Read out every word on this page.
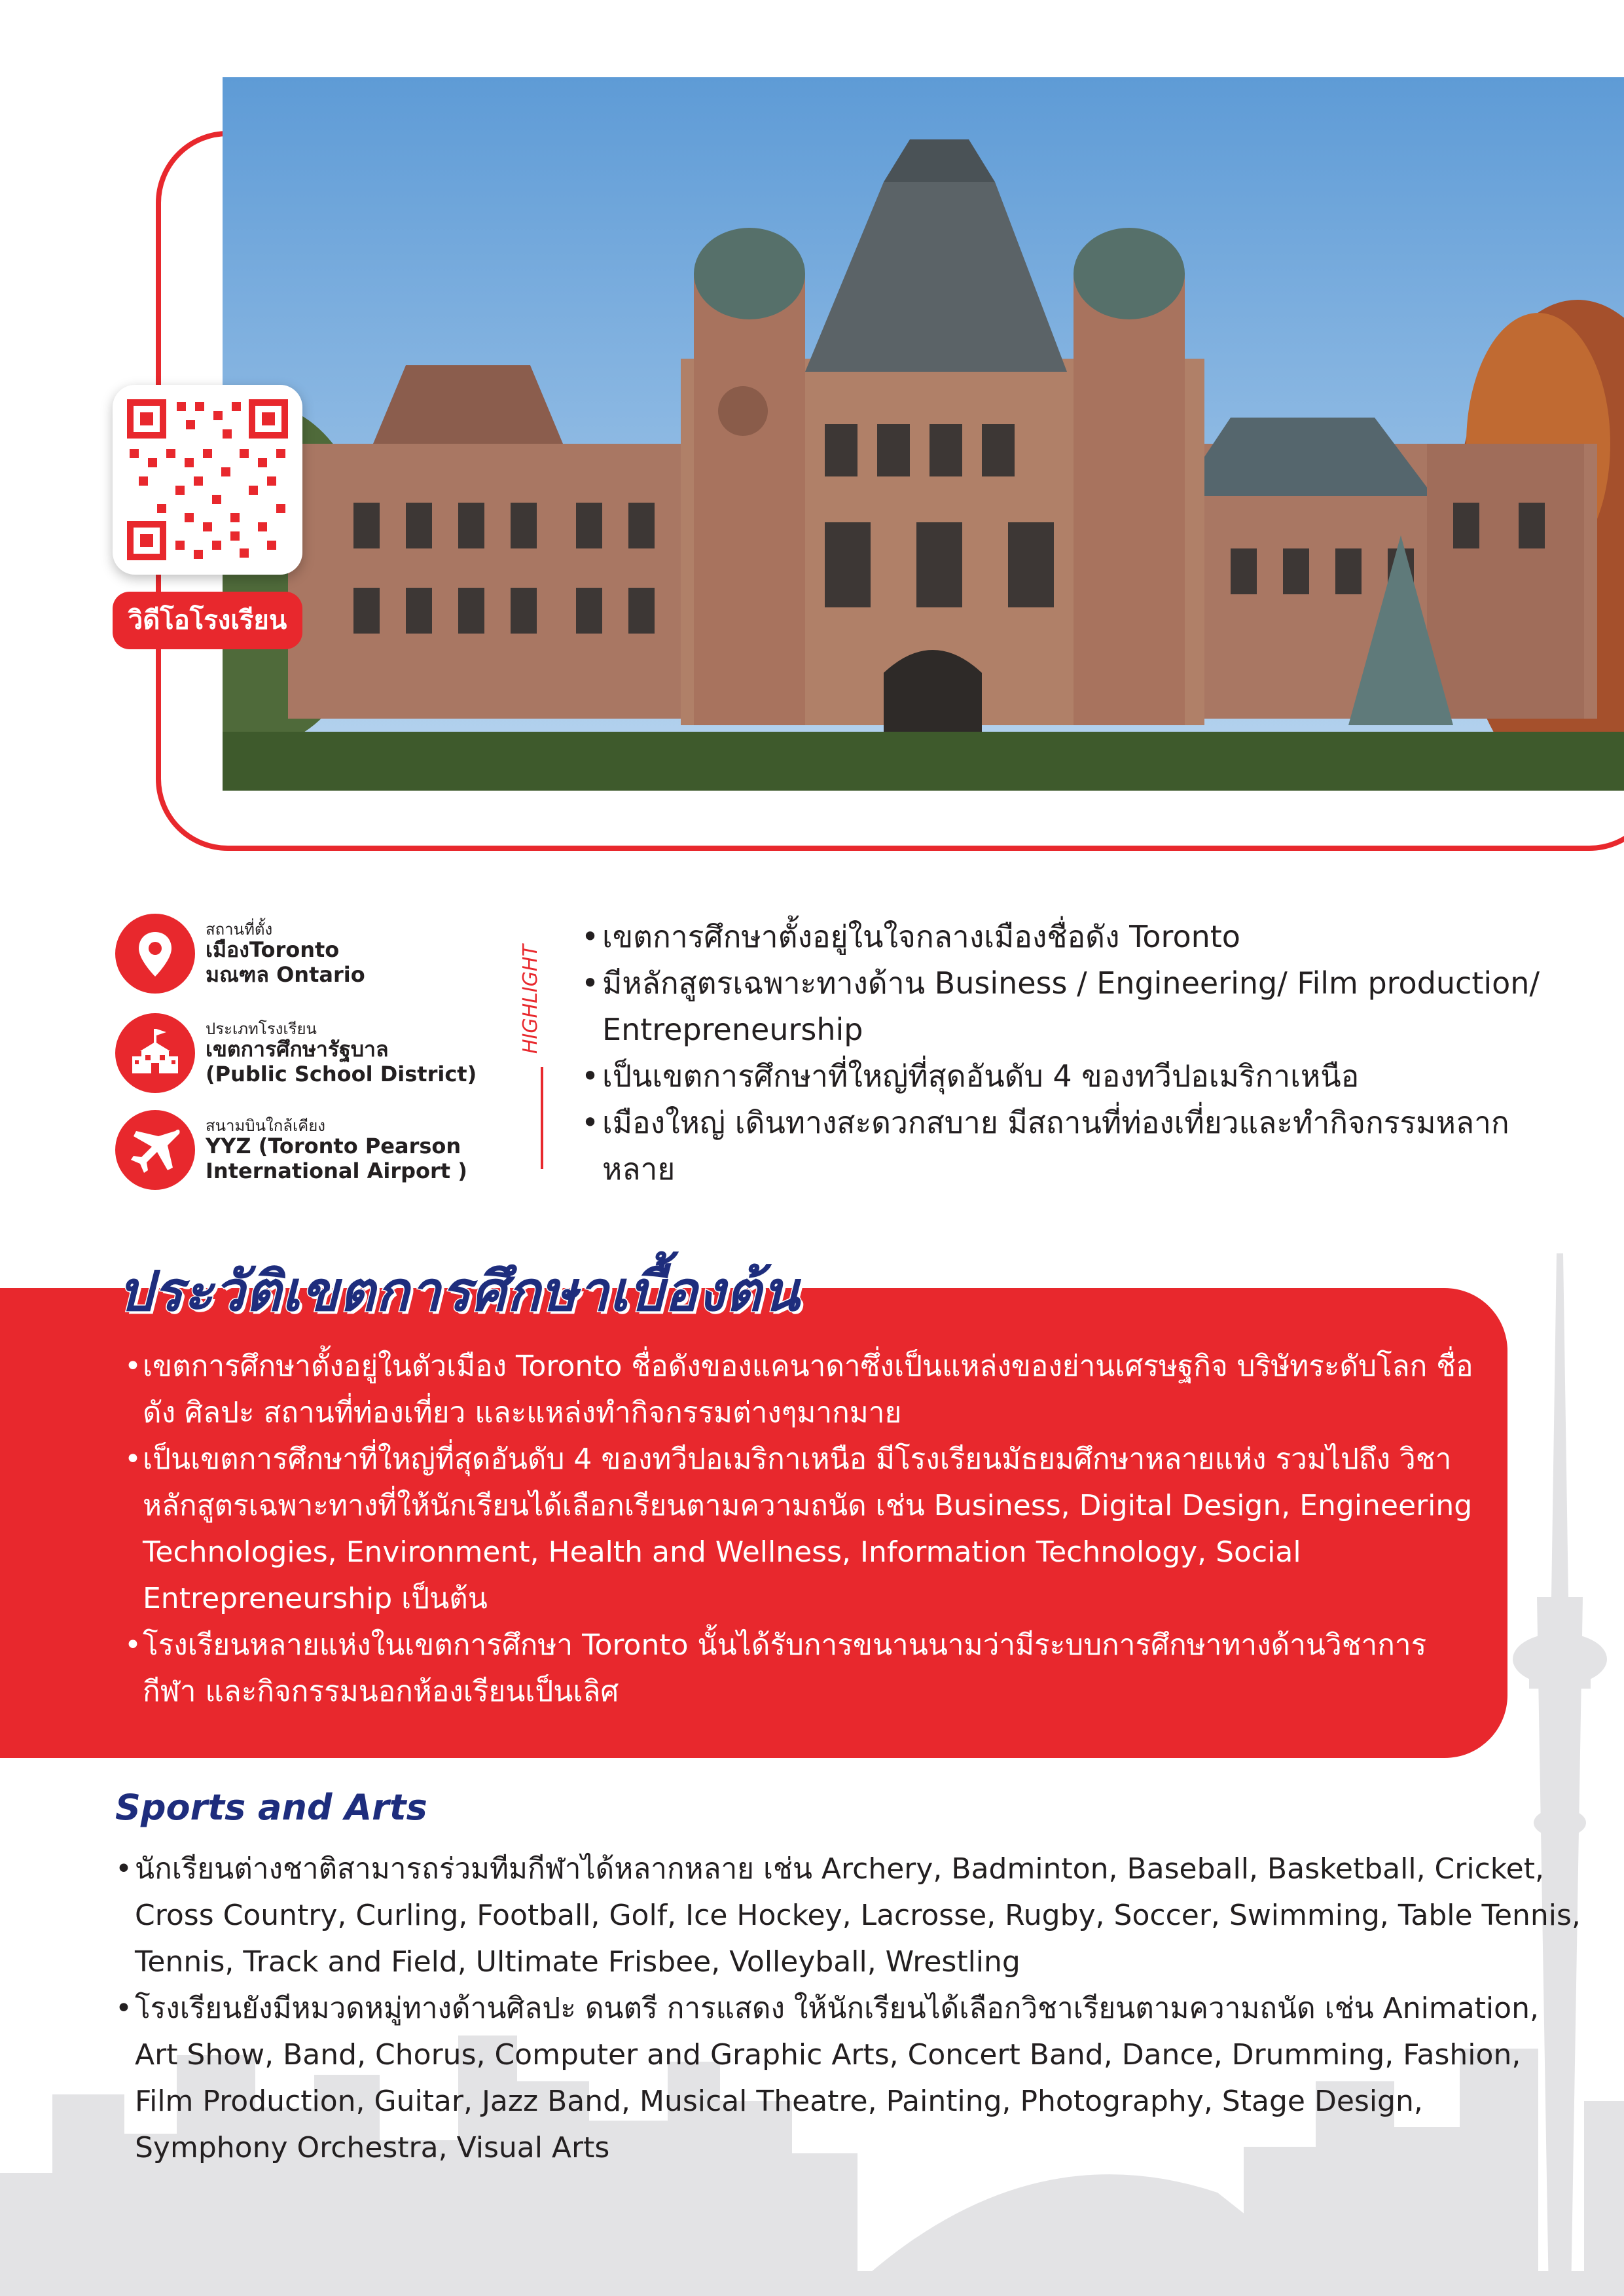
วิดีโอโรงเรียน
สถานที่ตั้ง
เมืองToronto
มณฑล Ontario
ประเภทโรงเรียน
เขตการศึกษารัฐบาล
(Public School District)
สนามบินใกล้เคียง
YYZ (Toronto Pearson
International Airport )
HIGHLIGHT
• เขตการศึกษาตั้งอยู่ในใจกลางเมืองชื่อดัง Toronto
• มีหลักสูตรเฉพาะทางด้าน Business / Engineering/ Film production/ Entrepreneurship
• เป็นเขตการศึกษาที่ใหญ่ที่สุดอันดับ 4 ของทวีปอเมริกาเหนือ
• เมืองใหญ่ เดินทางสะดวกสบาย มีสถานที่ท่องเที่ยวและทำกิจกรรมหลากหลาย
ประวัติเขตการศึกษาเบื้องต้น
• เขตการศึกษาตั้งอยู่ในตัวเมือง Toronto ชื่อดังของแคนาดาซึ่งเป็นแหล่งของย่านเศรษฐกิจ บริษัทระดับโลก ชื่อดัง ศิลปะ สถานที่ท่องเที่ยว และแหล่งทำกิจกรรมต่างๆมากมาย
• เป็นเขตการศึกษาที่ใหญ่ที่สุดอันดับ 4 ของทวีปอเมริกาเหนือ มีโรงเรียนมัธยมศึกษาหลายแห่ง รวมไปถึง วิชาหลักสูตรเฉพาะทางที่ให้นักเรียนได้เลือกเรียนตามความถนัด เช่น Business, Digital Design, Engineering Technologies, Environment, Health and Wellness, Information Technology, Social Entrepreneurship เป็นต้น
• โรงเรียนหลายแห่งในเขตการศึกษา Toronto นั้นได้รับการขนานนามว่ามีระบบการศึกษาทางด้านวิชาการ กีฬา และกิจกรรมนอกห้องเรียนเป็นเลิศ
Sports and Arts
• นักเรียนต่างชาติสามารถร่วมทีมกีฬาได้หลากหลาย เช่น Archery, Badminton, Baseball, Basketball, Cricket, Cross Country, Curling, Football, Golf, Ice Hockey, Lacrosse, Rugby, Soccer, Swimming, Table Tennis, Tennis, Track and Field, Ultimate Frisbee, Volleyball, Wrestling
• โรงเรียนยังมีหมวดหมู่ทางด้านศิลปะ ดนตรี การแสดง ให้นักเรียนได้เลือกวิชาเรียนตามความถนัด เช่น Animation, Art Show, Band, Chorus, Computer and Graphic Arts, Concert Band, Dance, Drumming, Fashion, Film Production, Guitar, Jazz Band, Musical Theatre, Painting, Photography, Stage Design, Symphony Orchestra, Visual Arts
